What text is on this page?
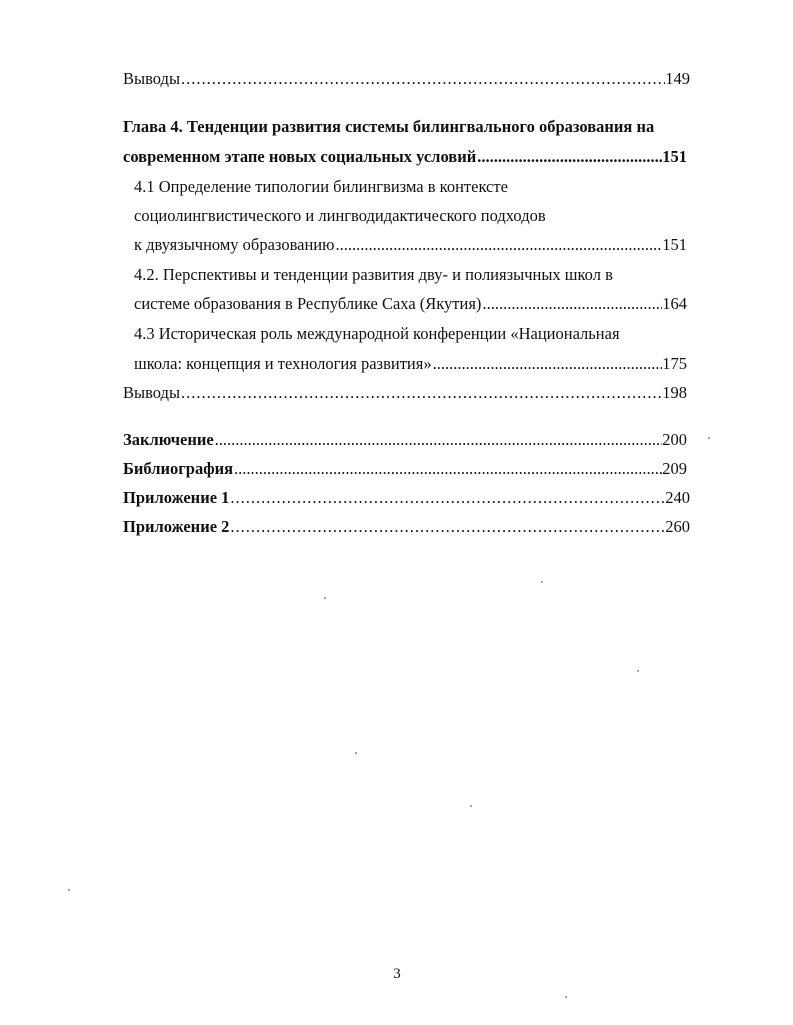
Выводы .....	149
Глава 4. Тенденции развития системы билингвального образования на
современном этапе новых социальных условий .....	151
4.1 Определение типологии билингвизма в контексте
социолингвистического и лингводидактического подходов
к двуязычному образованию .....	151
4.2. Перспективы и тенденции развития дву- и полиязычных школ в
системе образования в Республике Саха (Якутия) .....	164
4.3 Историческая роль международной конференции «Национальная
школа: концепция и технология развития» .....	175
Выводы .....	198
Заключение .....	200
Библиография .....	209
Приложение 1 .....	240
Приложение 2 .....	260
3
